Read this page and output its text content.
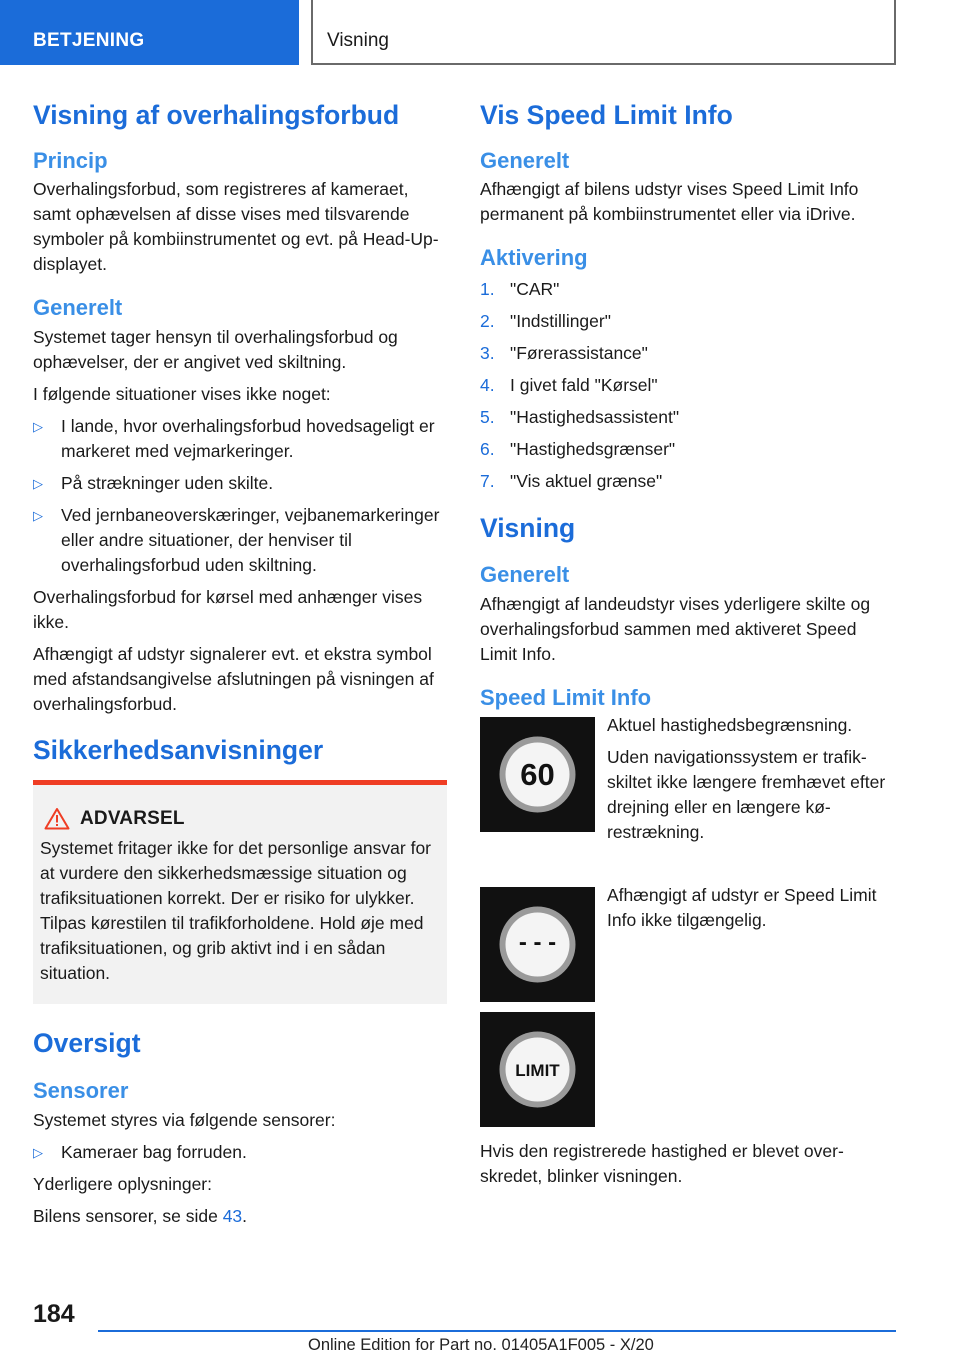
BETJENING	Visning
Visning af overhalingsforbud
Princip

Overhalingsforbud, som registreres af kameraet, samt ophævelsen af disse vises med tilsvarende symboler på kombiinstrumentet og evt. på Head-Up-displayet.

Generelt

Systemet tager hensyn til overhalingsforbud og ophævelser, der er angivet ved skiltning.

I følgende situationer vises ikke noget:

▷ I lande, hvor overhalingsforbud hovedsageligt er markeret med vejmarkeringer.
▷ På strækninger uden skilte.
▷ Ved jernbaneoverskæringer, vejbanemarkeringer eller andre situationer, der henviser til overhalingsforbud uden skiltning.

Overhalingsforbud for kørsel med anhænger vises ikke.

Afhængigt af udstyr signalerer evt. et ekstra symbol med afstandsangivelse afslutningen på visningen af overhalingsforbud.

Sikkerhedsanvisninger
ADVARSEL

Systemet fritager ikke for det personlige ansvar for at vurdere den sikkerhedsmæssige situation og trafiksituationen korrekt. Der er risiko for ulykker. Tilpas kørestilen til trafikforholdene. Hold øje med trafiksituationen, og grib aktivt ind i en sådan situation.

Oversigt
Sensorer

Systemet styres via følgende sensorer:

▷ Kameraer bag forruden.

Yderligere oplysninger:

Bilens sensorer, se side 43.

Vis Speed Limit Info
Generelt

Afhængigt af bilens udstyr vises Speed Limit Info permanent på kombiinstrumentet eller via iDrive.

Aktivering
1. "CAR"
2. "Indstillinger"
3. "Førerassistance"
4. I givet fald "Kørsel"
5. "Hastighedsassistent"
6. "Hastighedsgrænser"
7. "Vis aktuel grænse"
Visning
Generelt

Afhængigt af landeudstyr vises yderligere skilte og overhalingsforbud sammen med aktiveret Speed Limit Info.

Speed Limit Info
60

Aktuel hastighedsbegrænsning.

Uden navigationssystem er trafikskiltet ikke længere fremhævet efter drejning eller en længere kørestrækning.

- - -

Afhængigt af udstyr er Speed Limit Info ikke tilgængelig.

LIMIT

Hvis den registrerede hastighed er blevet overskredet, blinker visningen.

184
Online Edition for Part no. 01405A1F005 - X/20
